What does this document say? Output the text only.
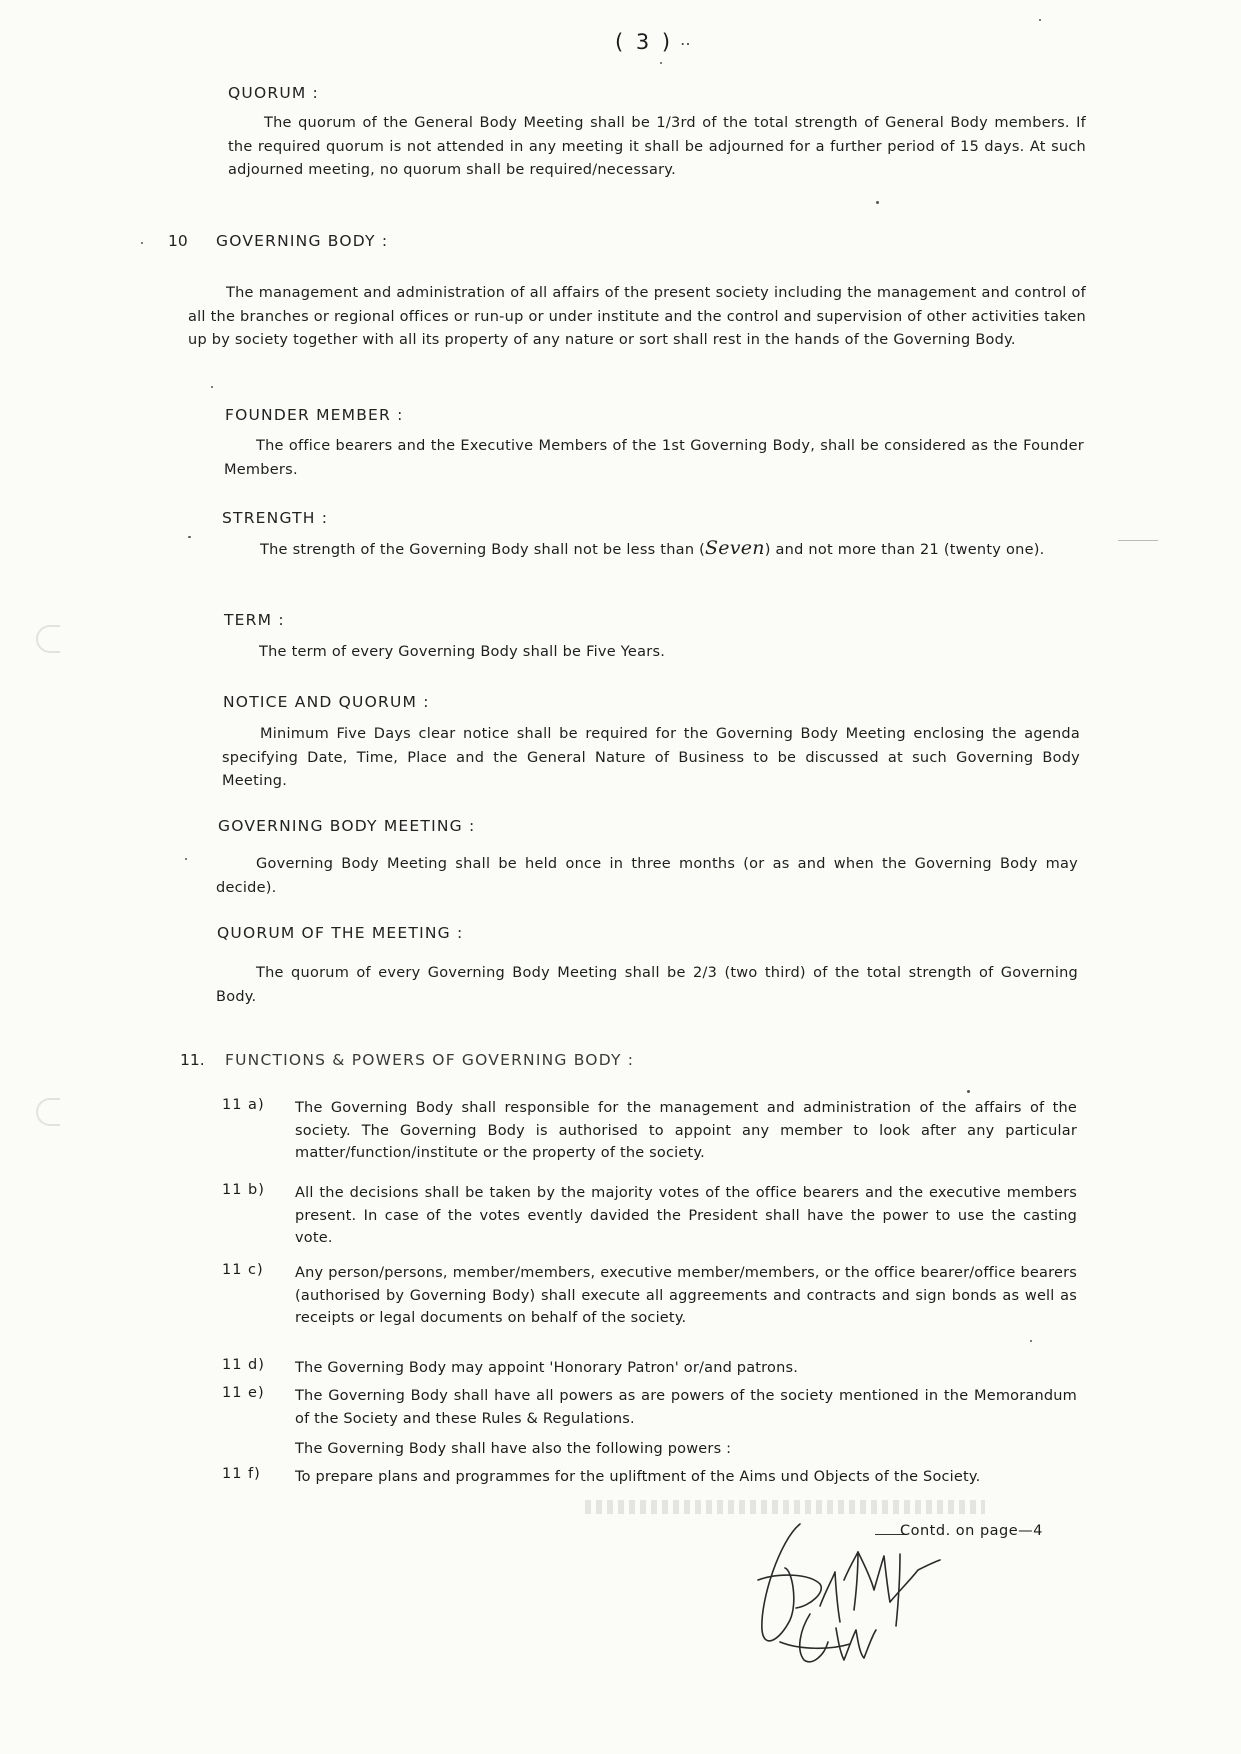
( 3 ) ‥
QUORUM :
The quorum of the General Body Meeting shall be 1/3rd of the total strength of General Body members. If the required quorum is not attended in any meeting it shall be adjourned for a further period of 15 days. At such adjourned meeting, no quorum shall be required/necessary.
10 GOVERNING BODY :
The management and administration of all affairs of the present society including the management and control of all the branches or regional offices or run-up or under institute and the control and supervision of other activities taken up by society together with all its property of any nature or sort shall rest in the hands of the Governing Body.
FOUNDER MEMBER :
The office bearers and the Executive Members of the 1st Governing Body, shall be considered as the Founder Members.
STRENGTH :
The strength of the Governing Body shall not be less than (Seven) and not more than 21 (twenty one).
TERM :
The term of every Governing Body shall be Five Years.
NOTICE AND QUORUM :
Minimum Five Days clear notice shall be required for the Governing Body Meeting enclosing the agenda specifying Date, Time, Place and the General Nature of Business to be discussed at such Governing Body Meeting.
GOVERNING BODY MEETING :
Governing Body Meeting shall be held once in three months (or as and when the Governing Body may decide).
QUORUM OF THE MEETING :
The quorum of every Governing Body Meeting shall be 2/3 (two third) of the total strength of Governing Body.
11. FUNCTIONS & POWERS OF GOVERNING BODY :
11 a) The Governing Body shall responsible for the management and administration of the affairs of the society. The Governing Body is authorised to appoint any member to look after any particular matter/function/institute or the property of the society.
11 b) All the decisions shall be taken by the majority votes of the office bearers and the executive members present. In case of the votes evently davided the President shall have the power to use the casting vote.
11 c) Any person/persons, member/members, executive member/members, or the office bearer/office bearers (authorised by Governing Body) shall execute all aggreements and contracts and sign bonds as well as receipts or legal documents on behalf of the society.
11 d) The Governing Body may appoint 'Honorary Patron' or/and patrons.
11 e) The Governing Body shall have all powers as are powers of the society mentioned in the Memorandum of the Society and these Rules & Regulations.
The Governing Body shall have also the following powers :
11 f) To prepare plans and programmes for the upliftment of the Aims und Objects of the Society.
Contd. on page—4
